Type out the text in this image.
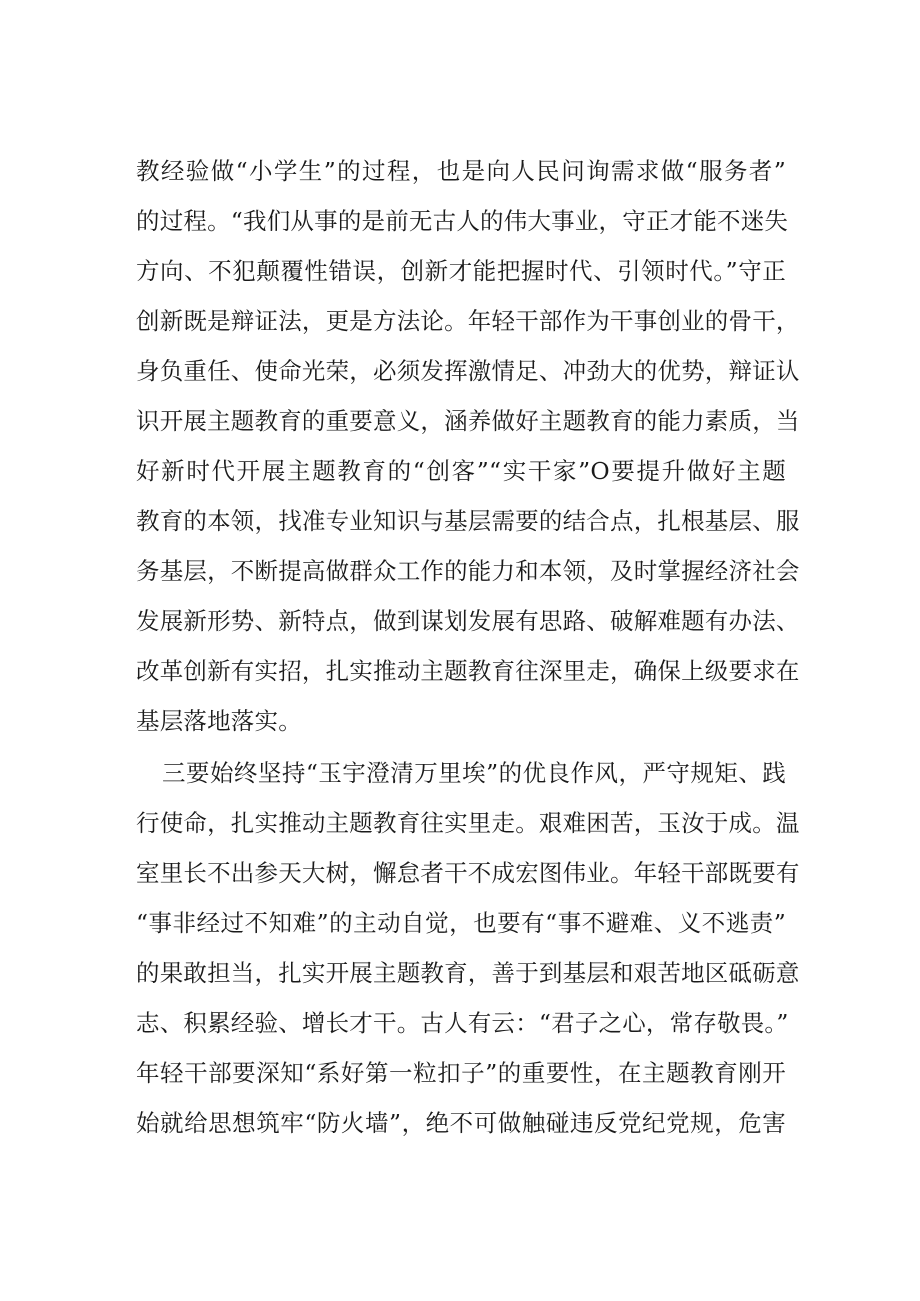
教经验做“小学生”的过程，也是向人民问询需求做“服务者”
的过程。“我们从事的是前无古人的伟大事业，守正才能不迷失
方向、不犯颠覆性错误，创新才能把握时代、引领时代。”守正
创新既是辩证法，更是方法论。年轻干部作为干事创业的骨干，
身负重任、使命光荣，必须发挥激情足、冲劲大的优势，辩证认
识开展主题教育的重要意义，涵养做好主题教育的能力素质，当
好新时代开展主题教育的“创客”“实干家”O要提升做好主题
教育的本领，找准专业知识与基层需要的结合点，扎根基层、服
务基层，不断提高做群众工作的能力和本领，及时掌握经济社会
发展新形势、新特点，做到谋划发展有思路、破解难题有办法、
改革创新有实招，扎实推动主题教育往深里走，确保上级要求在
基层落地落实。
三要始终坚持“玉宇澄清万里埃”的优良作风，严守规矩、践
行使命，扎实推动主题教育往实里走。艰难困苦，玉汝于成。温
室里长不出参天大树，懈怠者干不成宏图伟业。年轻干部既要有
“事非经过不知难”的主动自觉，也要有“事不避难、义不逃责”
的果敢担当，扎实开展主题教育，善于到基层和艰苦地区砥砺意
志、积累经验、增长才干。古人有云：“君子之心，常存敬畏。”
年轻干部要深知“系好第一粒扣子”的重要性，在主题教育刚开
始就给思想筑牢“防火墙”，绝不可做触碰违反党纪党规，危害
